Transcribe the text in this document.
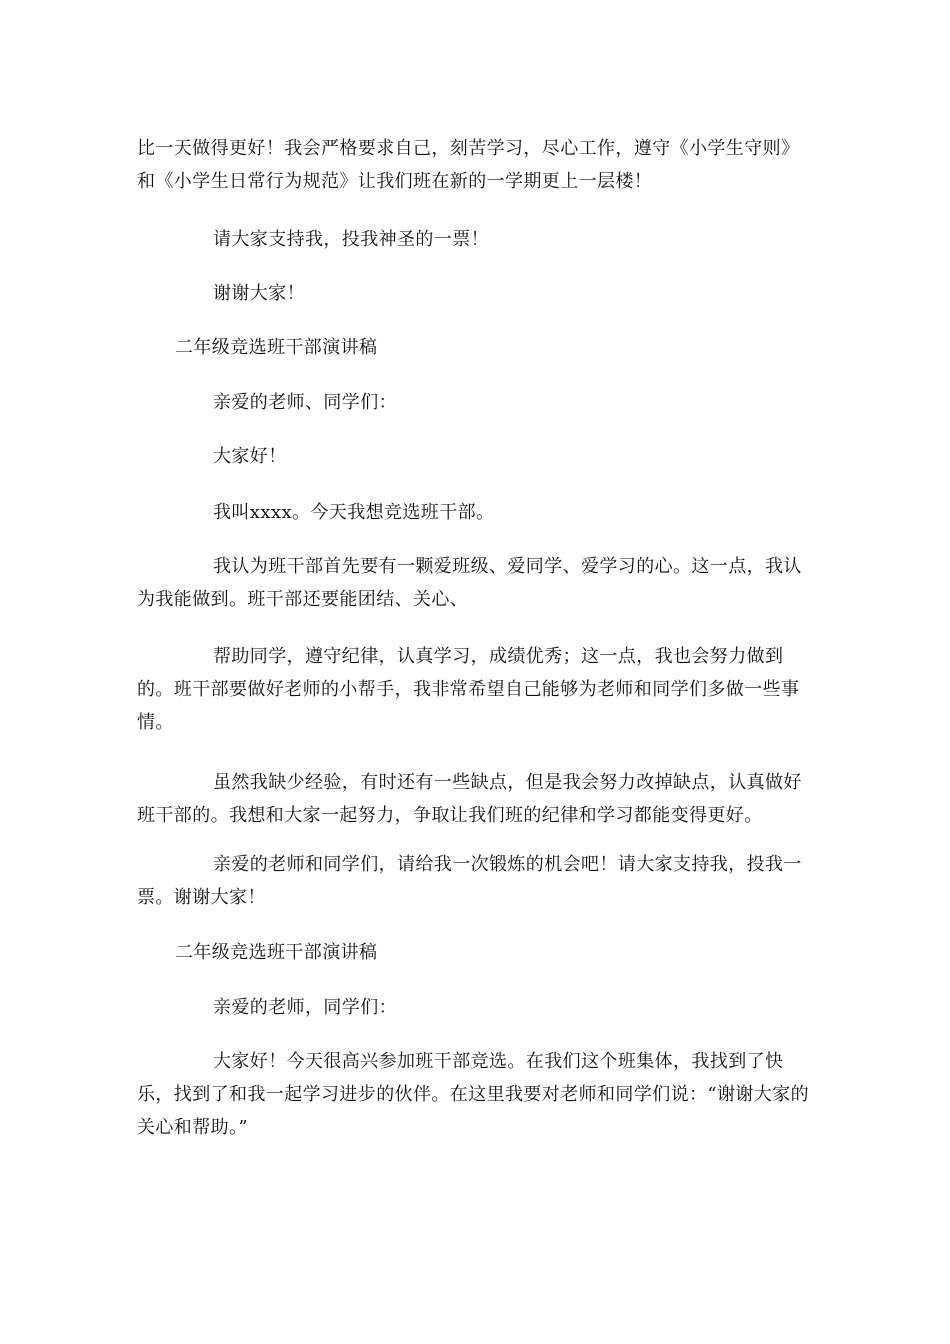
比一天做得更好！我会严格要求自己，刻苦学习，尽心工作，遵守《小学生守则》和《小学生日常行为规范》让我们班在新的一学期更上一层楼！

请大家支持我，投我神圣的一票！

谢谢大家！

二年级竞选班干部演讲稿

亲爱的老师、同学们：

大家好！

我叫xxxx。今天我想竞选班干部。

我认为班干部首先要有一颗爱班级、爱同学、爱学习的心。这一点，我认为我能做到。班干部还要能团结、关心、

帮助同学，遵守纪律，认真学习，成绩优秀；这一点，我也会努力做到的。班干部要做好老师的小帮手，我非常希望自己能够为老师和同学们多做一些事情。

虽然我缺少经验，有时还有一些缺点，但是我会努力改掉缺点，认真做好班干部的。我想和大家一起努力，争取让我们班的纪律和学习都能变得更好。

亲爱的老师和同学们，请给我一次锻炼的机会吧！请大家支持我，投我一票。谢谢大家！

二年级竞选班干部演讲稿

亲爱的老师，同学们：

大家好！今天很高兴参加班干部竞选。在我们这个班集体，我找到了快乐，找到了和我一起学习进步的伙伴。在这里我要对老师和同学们说：“谢谢大家的关心和帮助。”
